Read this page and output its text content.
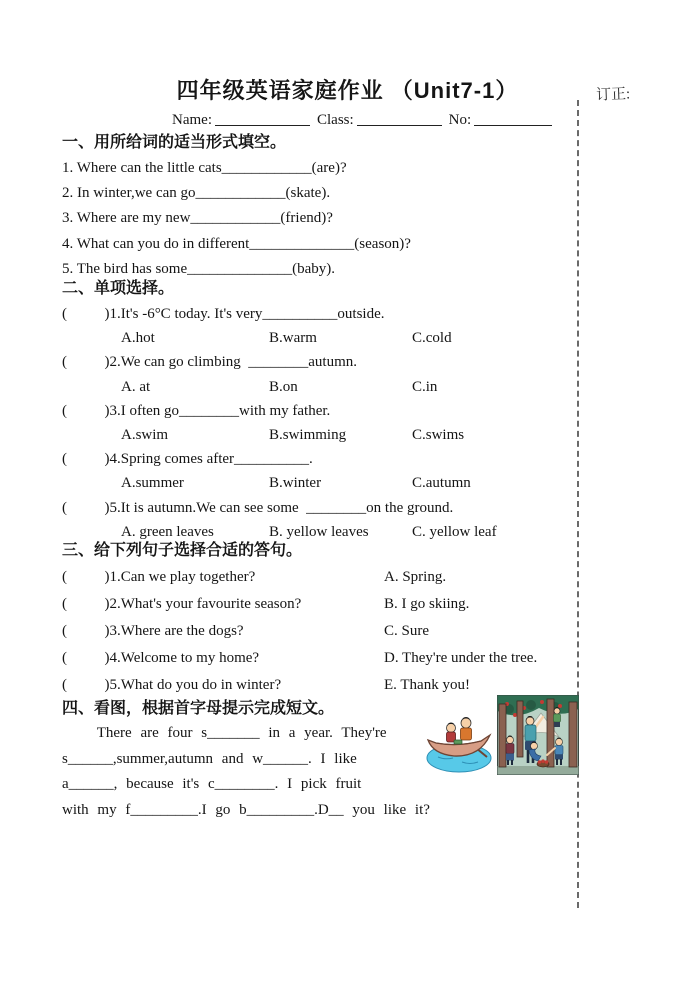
四年级英语家庭作业 （Unit7-1）
Name:	Class:	No:
订正:
一、用所给词的适当形式填空。
1. Where can the little cats____________(are)?
2. In winter,we can go____________(skate).
3. Where are my new____________(friend)?
4. What can you do in different______________(season)?
5. The bird has some______________(baby).
二、单项选择。
(          )1.It's -6°C today. It's very__________outside.
A.hot	B.warm	C.cold
(          )2.We can go climbing  ________autumn.
A. at	B.on	C.in
(          )3.I often go________with my father.
A.swim	B.swimming	C.swims
(          )4.Spring comes after__________.
A.summer	B.winter	C.autumn
(          )5.It is autumn.We can see some  ________on the ground.
A. green leaves	B. yellow leaves	C. yellow leaf
三、给下列句子选择合适的答句。
(          )1.Can we play together?	A. Spring.
(          )2.What's your favourite season?	B. I go skiing.
(          )3.Where are the dogs?	C. Sure
(          )4.Welcome to my home?	D. They're under the tree.
(          )5.What do you do in winter?	E. Thank you!
四、看图，根据首字母提示完成短文。
There are four s_______ in a year. They're
s______,summer,autumn and w______. I like
a______, because it's c________. I pick fruit
with my f_________.I go b_________.D__ you like it?
